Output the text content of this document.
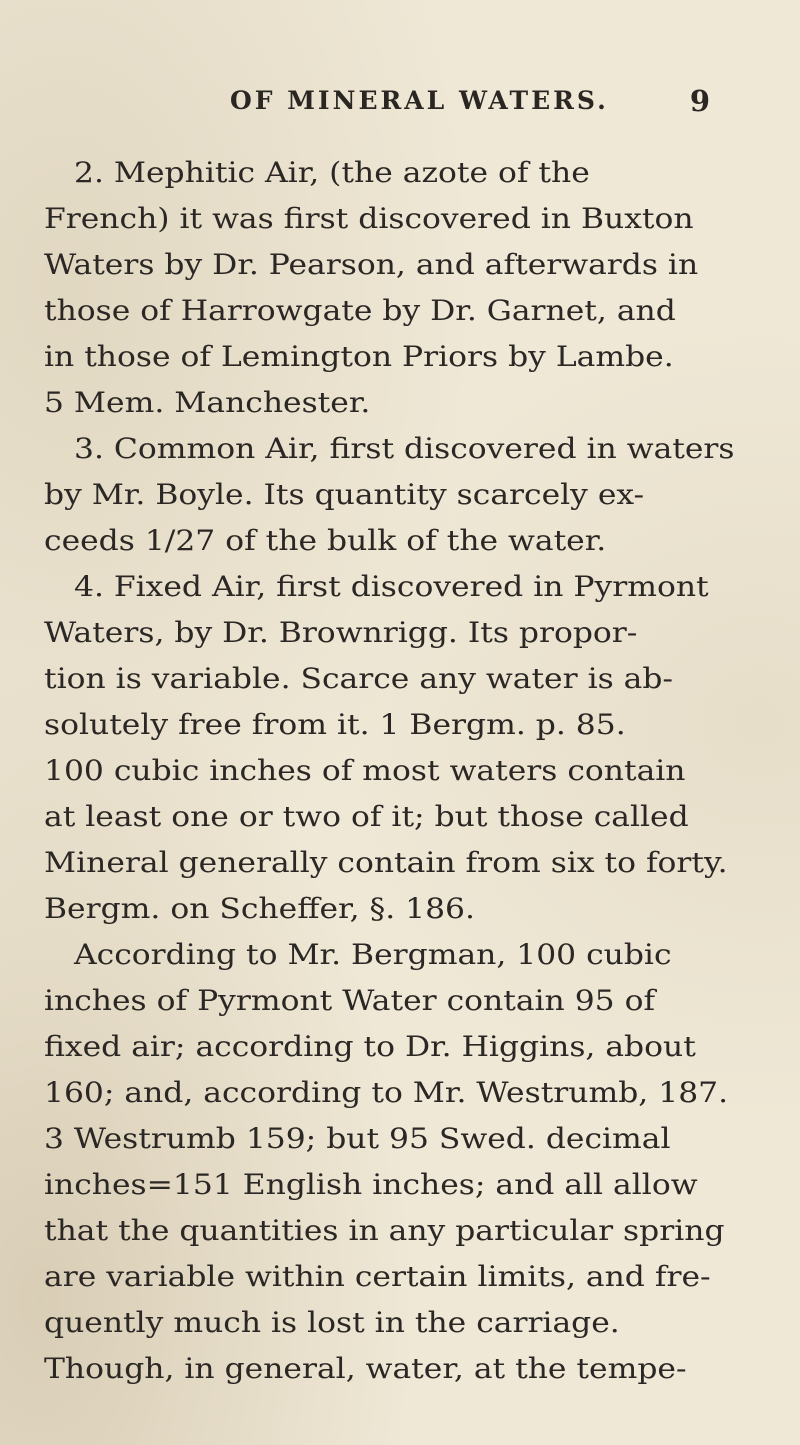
OF MINERAL WATERS.	9
2. Mephitic Air, (the azote of the
French) it was first discovered in Buxton
Waters by Dr. Pearson, and afterwards in
those of Harrowgate by Dr. Garnet, and
in those of Lemington Priors by Lambe.
5 Mem. Manchester.
3. Common Air, first discovered in waters
by Mr. Boyle. Its quantity scarcely ex-
ceeds 1/27 of the bulk of the water.
4. Fixed Air, first discovered in Pyrmont
Waters, by Dr. Brownrigg. Its propor-
tion is variable. Scarce any water is ab-
solutely free from it. 1 Bergm. p. 85.
100 cubic inches of most waters contain
at least one or two of it; but those called
Mineral generally contain from six to forty.
Bergm. on Scheffer, §. 186.
According to Mr. Bergman, 100 cubic
inches of Pyrmont Water contain 95 of
fixed air; according to Dr. Higgins, about
160; and, according to Mr. Westrumb, 187.
3 Westrumb 159; but 95 Swed. decimal
inches=151 English inches; and all allow
that the quantities in any particular spring
are variable within certain limits, and fre-
quently much is lost in the carriage.
Though, in general, water, at the tempe-
